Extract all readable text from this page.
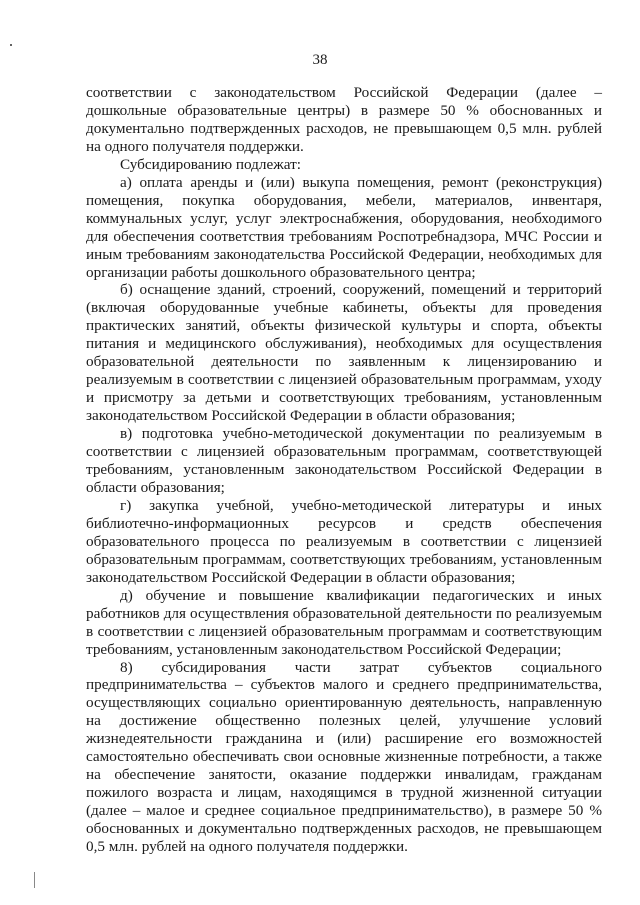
38

соответствии с законодательством Российской Федерации (далее – дошкольные образовательные центры) в размере 50 % обоснованных и документально подтвержденных расходов, не превышающем 0,5 млн. рублей на одного получателя поддержки.

Субсидированию подлежат:

а) оплата аренды и (или) выкупа помещения, ремонт (реконструкция) помещения, покупка оборудования, мебели, материалов, инвентаря, коммунальных услуг, услуг электроснабжения, оборудования, необходимого для обеспечения соответствия требованиям Роспотребнадзора, МЧС России и иным требованиям законодательства Российской Федерации, необходимых для организации работы дошкольного образовательного центра;

б) оснащение зданий, строений, сооружений, помещений и территорий (включая оборудованные учебные кабинеты, объекты для проведения практических занятий, объекты физической культуры и спорта, объекты питания и медицинского обслуживания), необходимых для осуществления образовательной деятельности по заявленным к лицензированию и реализуемым в соответствии с лицензией образовательным программам, уходу и присмотру за детьми и соответствующих требованиям, установленным законодательством Российской Федерации в области образования;

в) подготовка учебно-методической документации по реализуемым в соответствии с лицензией образовательным программам, соответствующей требованиям, установленным законодательством Российской Федерации в области образования;

г) закупка учебной, учебно-методической литературы и иных библиотечно-информационных ресурсов и средств обеспечения образовательного процесса по реализуемым в соответствии с лицензией образовательным программам, соответствующих требованиям, установленным законодательством Российской Федерации в области образования;

д) обучение и повышение квалификации педагогических и иных работников для осуществления образовательной деятельности по реализуемым в соответствии с лицензией образовательным программам и соответствующим требованиям, установленным законодательством Российской Федерации;

8) субсидирования части затрат субъектов социального предпринимательства – субъектов малого и среднего предпринимательства, осуществляющих социально ориентированную деятельность, направленную на достижение общественно полезных целей, улучшение условий жизнедеятельности гражданина и (или) расширение его возможностей самостоятельно обеспечивать свои основные жизненные потребности, а также на обеспечение занятости, оказание поддержки инвалидам, гражданам пожилого возраста и лицам, находящимся в трудной жизненной ситуации (далее – малое и среднее социальное предпринимательство), в размере 50 % обоснованных и документально подтвержденных расходов, не превышающем 0,5 млн. рублей на одного получателя поддержки.
